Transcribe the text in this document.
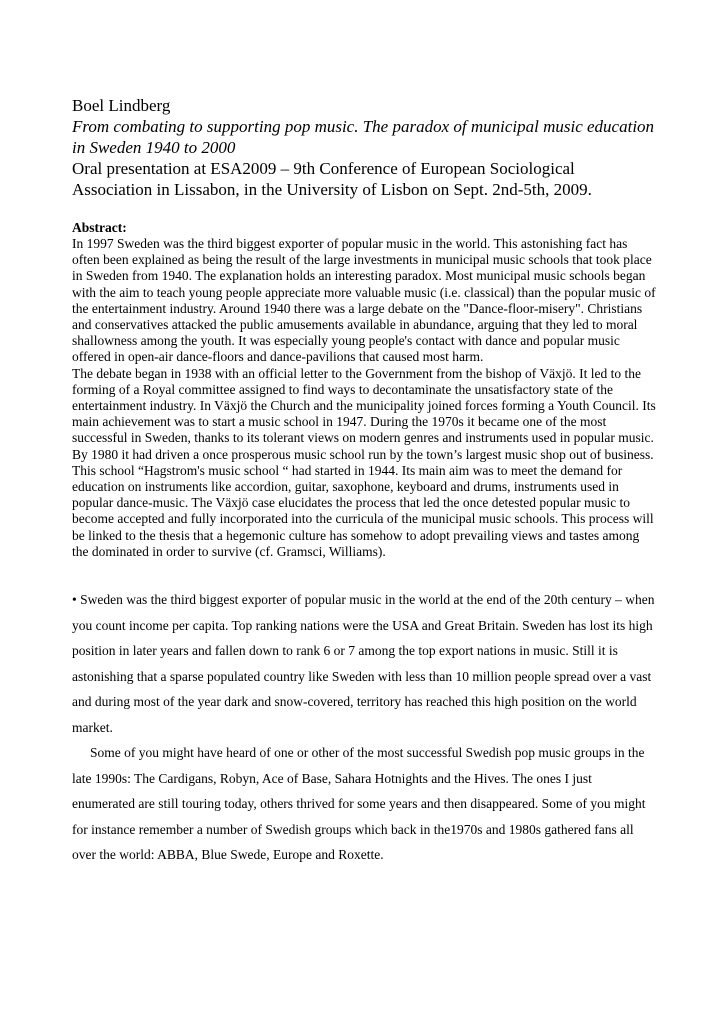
Boel Lindberg

From combating to supporting pop music. The paradox of municipal music education in Sweden 1940 to 2000

Oral presentation at ESA2009 – 9th Conference of European Sociological Association in Lissabon, in the University of Lisbon on Sept. 2nd-5th, 2009.

Abstract:

In 1997 Sweden was the third biggest exporter of popular music in the world. This astonishing fact has often been explained as being the result of the large investments in municipal music schools that took place in Sweden from 1940. The explanation holds an interesting paradox. Most municipal music schools began with the aim to teach young people appreciate more valuable music (i.e. classical) than the popular music of the entertainment industry. Around 1940 there was a large debate on the "Dance-floor-misery". Christians and conservatives attacked the public amusements available in abundance, arguing that they led to moral shallowness among the youth. It was especially young people's contact with dance and popular music offered in open-air dance-floors and dance-pavilions that caused most harm.

The debate began in 1938 with an official letter to the Government from the bishop of Växjö. It led to the forming of a Royal committee assigned to find ways to decontaminate the unsatisfactory state of the entertainment industry. In Växjö the Church and the municipality joined forces forming a Youth Council. Its main achievement was to start a music school in 1947. During the 1970s it became one of the most successful in Sweden, thanks to its tolerant views on modern genres and instruments used in popular music. By 1980 it had driven a once prosperous music school run by the town’s largest music shop out of business. This school “Hagstrom's music school “ had started in 1944. Its main aim was to meet the demand for education on instruments like accordion, guitar, saxophone, keyboard and drums, instruments used in popular dance-music. The Växjö case elucidates the process that led the once detested popular music to become accepted and fully incorporated into the curricula of the municipal music schools. This process will be linked to the thesis that a hegemonic culture has somehow to adopt prevailing views and tastes among the dominated in order to survive (cf. Gramsci, Williams).

• Sweden was the third biggest exporter of popular music in the world at the end of the 20th century – when you count income per capita. Top ranking nations were the USA and Great Britain. Sweden has lost its high position in later years and fallen down to rank 6 or 7 among the top export nations in music. Still it is astonishing that a sparse populated country like Sweden with less than 10 million people spread over a vast and during most of the year dark and snow-covered, territory has reached this high position on the world market.

Some of you might have heard of one or other of the most successful Swedish pop music groups in the late 1990s: The Cardigans, Robyn, Ace of Base, Sahara Hotnights and the Hives. The ones I just enumerated are still touring today, others thrived for some years and then disappeared. Some of you might for instance remember a number of Swedish groups which back in the1970s and 1980s gathered fans all over the world: ABBA, Blue Swede, Europe and Roxette.
